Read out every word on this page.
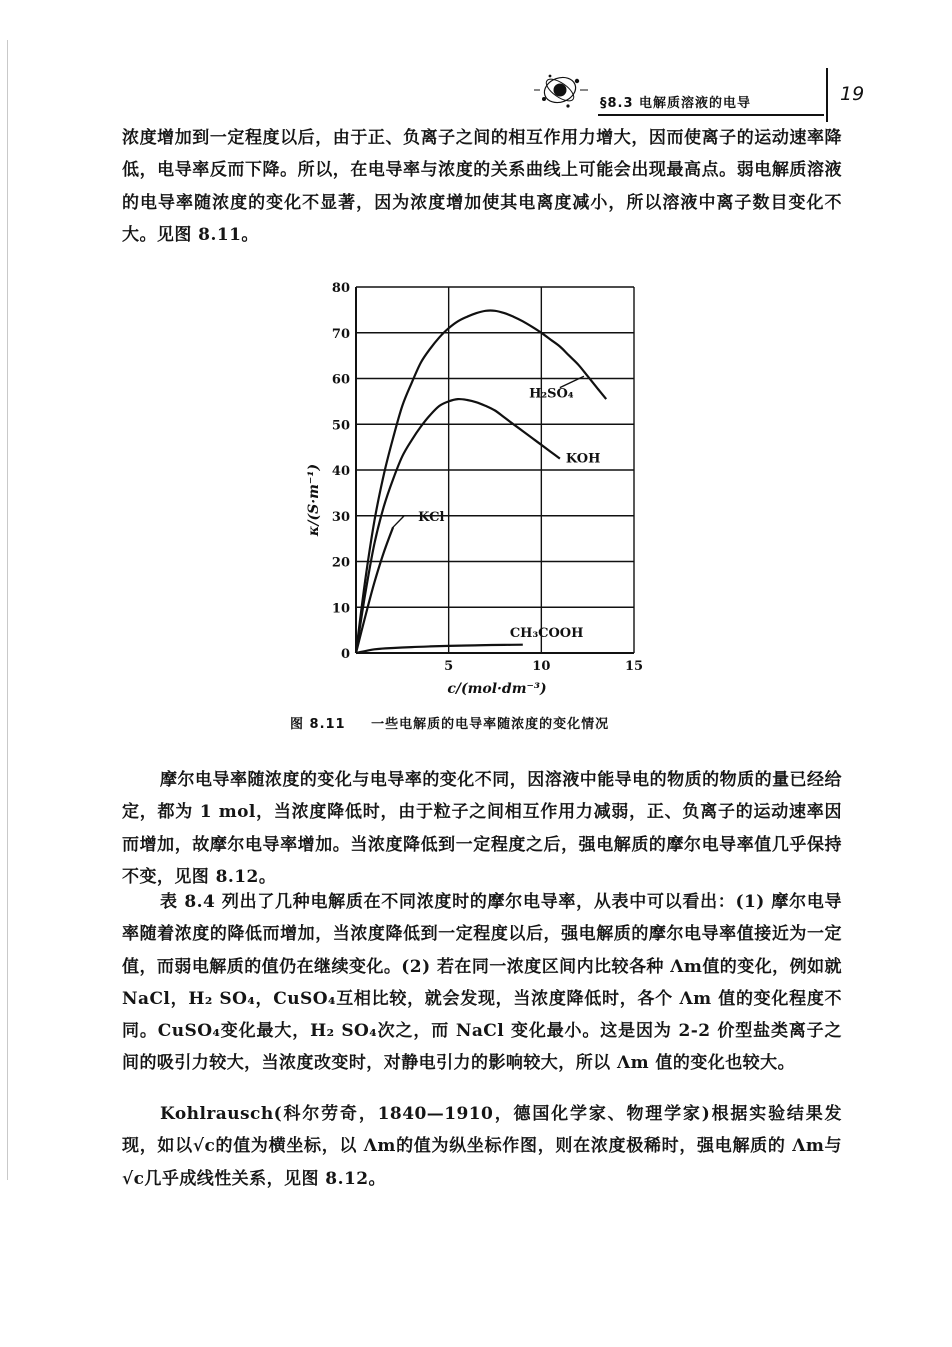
§8.3 电解质溶液的电导	19

浓度增加到一定程度以后，由于正、负离子之间的相互作用力增大，因而使离子的运动速率降低，电导率反而下降。所以，在电导率与浓度的关系曲线上可能会出现最高点。弱电解质溶液的电导率随浓度的变化不显著，因为浓度增加使其电离度减小，所以溶液中离子数目变化不大。见图 8.11。

0
10
20
30
40
50
60
70
80
5	10	15
H₂SO₄
KOH
KCl
CH₃COOH
κ/(S·m⁻¹)
c/(mol·dm⁻³)
图 8.11 一些电解质的电导率随浓度的变化情况

摩尔电导率随浓度的变化与电导率的变化不同，因溶液中能导电的物质的物质的量已经给定，都为 1 mol，当浓度降低时，由于粒子之间相互作用力减弱，正、负离子的运动速率因而增加，故摩尔电导率增加。当浓度降低到一定程度之后，强电解质的摩尔电导率值几乎保持不变，见图 8.12。

表 8.4 列出了几种电解质在不同浓度时的摩尔电导率，从表中可以看出：(1) 摩尔电导率随着浓度的降低而增加，当浓度降低到一定程度以后，强电解质的摩尔电导率值接近为一定值，而弱电解质的值仍在继续变化。(2) 若在同一浓度区间内比较各种 Λm值的变化，例如就 NaCl，H₂ SO₄，CuSO₄互相比较，就会发现，当浓度降低时，各个 Λm 值的变化程度不同。CuSO₄变化最大，H₂ SO₄次之，而 NaCl 变化最小。这是因为 2-2 价型盐类离子之间的吸引力较大，当浓度改变时，对静电引力的影响较大，所以 Λm 值的变化也较大。

Kohlrausch(科尔劳奇，1840—1910，德国化学家、物理学家)根据实验结果发现，如以√c的值为横坐标，以 Λm的值为纵坐标作图，则在浓度极稀时，强电解质的 Λm与√c几乎成线性关系，见图 8.12。
